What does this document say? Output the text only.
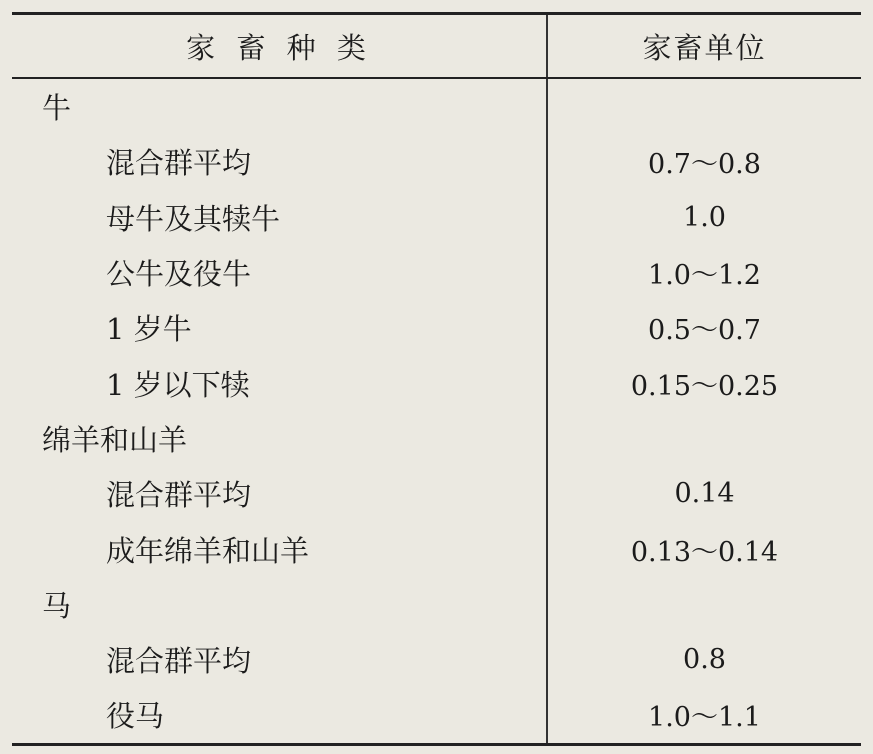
家 畜 种 类	家畜单位
牛
混合群平均	0.7～0.8
母牛及其犊牛	1.0
公牛及役牛	1.0～1.2
1 岁牛	0.5～0.7
1 岁以下犊	0.15～0.25
绵羊和山羊
混合群平均	0.14
成年绵羊和山羊	0.13～0.14
马
混合群平均	0.8
役马	1.0～1.1
